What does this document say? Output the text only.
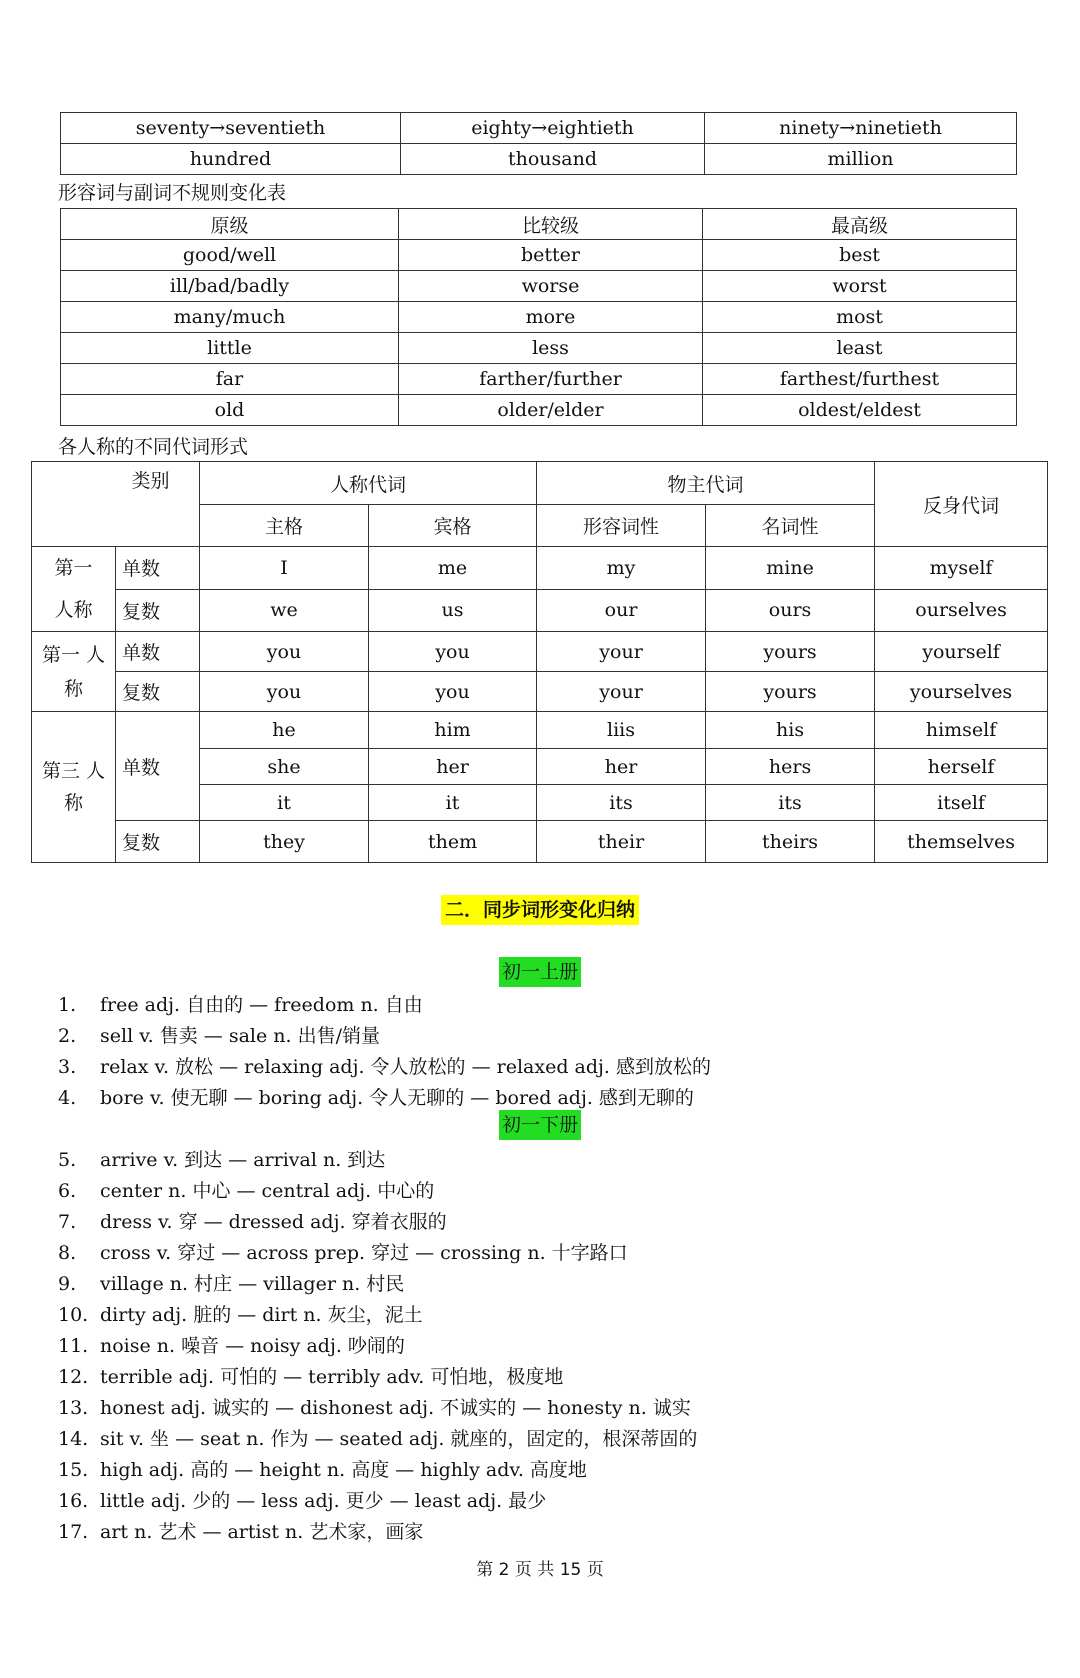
seventy→seventieth	eighty→eightieth	ninety→ninetieth
hundred	thousand	million
形容词与副词不规则变化表
原级	比较级	最高级
good/well	better	best
ill/bad/badly	worse	worst
many/much	more	most
little	less	least
far	farther/further	farthest/furthest
old	older/elder	oldest/eldest
各人称的不同代词形式
类别		人称代词		物主代词		反身代词
		主格	宾格	形容词性	名词性	
第一
人称	单数	I	me	my	mine	myself
	复数	we	us	our	ours	ourselves
第一 人
称	单数	you	you	your	yours	yourself
	复数	you	you	your	yours	yourselves
第三 人
称	单数	he	him	liis	his	himself
		she	her	her	hers	herself
		it	it	its	its	itself
	复数	they	them	their	theirs	themselves
二．同步词形变化归纳
初一上册
1. free adj. 自由的 — freedom n. 自由
2. sell v. 售卖 — sale n. 出售/销量
3. relax v. 放松 — relaxing adj. 令人放松的 — relaxed adj. 感到放松的
4. bore v. 使无聊 — boring adj. 令人无聊的 — bored adj. 感到无聊的
初一下册
5. arrive v. 到达 — arrival n. 到达
6. center n. 中心 — central adj. 中心的
7. dress v. 穿 — dressed adj. 穿着衣服的
8. cross v. 穿过 — across prep. 穿过 — crossing n. 十字路口
9. village n. 村庄 — villager n. 村民
10. dirty adj. 脏的 — dirt n. 灰尘，泥土
11. noise n. 噪音 — noisy adj. 吵闹的
12. terrible adj. 可怕的 — terribly adv. 可怕地，极度地
13. honest adj. 诚实的 — dishonest adj. 不诚实的 — honesty n. 诚实
14. sit v. 坐 — seat n. 作为 — seated adj. 就座的，固定的，根深蒂固的
15. high adj. 高的 — height n. 高度 — highly adv. 高度地
16. little adj. 少的 — less adj. 更少 — least adj. 最少
17. art n. 艺术 — artist n. 艺术家，画家
第 2 页 共 15 页
